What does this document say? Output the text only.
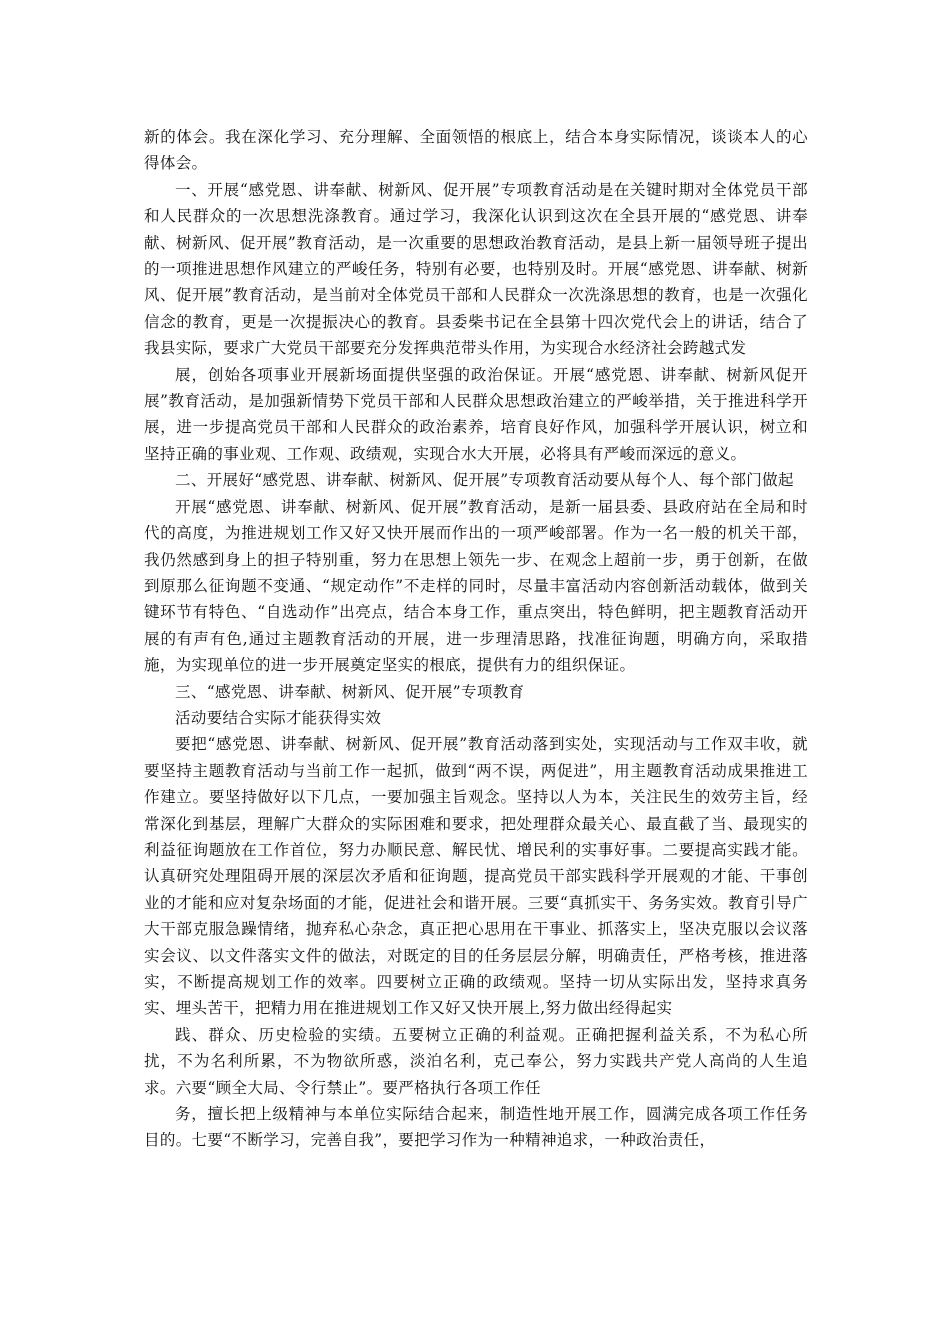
新的体会。我在深化学习、充分理解、全面领悟的根底上，结合本身实际情况，谈谈本人的心得体会。

一、开展“感党恩、讲奉献、树新风、促开展”专项教育活动是在关键时期对全体党员干部和人民群众的一次思想洗涤教育。通过学习，我深化认识到这次在全县开展的“感党恩、讲奉献、树新风、促开展”教育活动，是一次重要的思想政治教育活动，是县上新一届领导班子提出的一项推进思想作风建立的严峻任务，特别有必要，也特别及时。开展“感党恩、讲奉献、树新风、促开展”教育活动，是当前对全体党员干部和人民群众一次洗涤思想的教育，也是一次强化信念的教育，更是一次提振决心的教育。县委柴书记在全县第十四次党代会上的讲话，结合了我县实际，要求广大党员干部要充分发挥典范带头作用，为实现合水经济社会跨越式发

展，创始各项事业开展新场面提供坚强的政治保证。开展“感党恩、讲奉献、树新风促开展”教育活动，是加强新情势下党员干部和人民群众思想政治建立的严峻举措，关于推进科学开展，进一步提高党员干部和人民群众的政治素养，培育良好作风，加强科学开展认识，树立和坚持正确的事业观、工作观、政绩观，实现合水大开展，必将具有严峻而深远的意义。

二、开展好“感党恩、讲奉献、树新风、促开展”专项教育活动要从每个人、每个部门做起

开展“感党恩、讲奉献、树新风、促开展”教育活动，是新一届县委、县政府站在全局和时代的高度，为推进规划工作又好又快开展而作出的一项严峻部署。作为一名一般的机关干部，我仍然感到身上的担子特别重，努力在思想上领先一步、在观念上超前一步，勇于创新，在做到原那么征询题不变通、“规定动作”不走样的同时，尽量丰富活动内容创新活动载体，做到关键环节有特色、“自选动作”出亮点，结合本身工作，重点突出，特色鲜明，把主题教育活动开展的有声有色,通过主题教育活动的开展，进一步理清思路，找准征询题，明确方向，采取措施，为实现单位的进一步开展奠定坚实的根底，提供有力的组织保证。

三、“感党恩、讲奉献、树新风、促开展”专项教育

活动要结合实际才能获得实效

要把“感党恩、讲奉献、树新风、促开展”教育活动落到实处，实现活动与工作双丰收，就要坚持主题教育活动与当前工作一起抓，做到“两不误，两促进”，用主题教育活动成果推进工作建立。要坚持做好以下几点，一要加强主旨观念。坚持以人为本，关注民生的效劳主旨，经常深化到基层，理解广大群众的实际困难和要求，把处理群众最关心、最直截了当、最现实的利益征询题放在工作首位，努力办顺民意、解民忧、增民利的实事好事。二要提高实践才能。认真研究处理阻碍开展的深层次矛盾和征询题，提高党员干部实践科学开展观的才能、干事创业的才能和应对复杂场面的才能，促进社会和谐开展。三要“真抓实干、务务实效。教育引导广大干部克服急躁情绪，抛弃私心杂念，真正把心思用在干事业、抓落实上，坚决克服以会议落实会议、以文件落实文件的做法，对既定的目的任务层层分解，明确责任，严格考核，推进落实，不断提高规划工作的效率。四要树立正确的政绩观。坚持一切从实际出发，坚持求真务实、埋头苦干，把精力用在推进规划工作又好又快开展上,努力做出经得起实

践、群众、历史检验的实绩。五要树立正确的利益观。正确把握利益关系，不为私心所扰，不为名利所累，不为物欲所惑，淡泊名利，克己奉公，努力实践共产党人高尚的人生追求。六要“顾全大局、令行禁止”。要严格执行各项工作任

务，擅长把上级精神与本单位实际结合起来，制造性地开展工作，圆满完成各项工作任务目的。七要“不断学习，完善自我”，要把学习作为一种精神追求，一种政治责任，
